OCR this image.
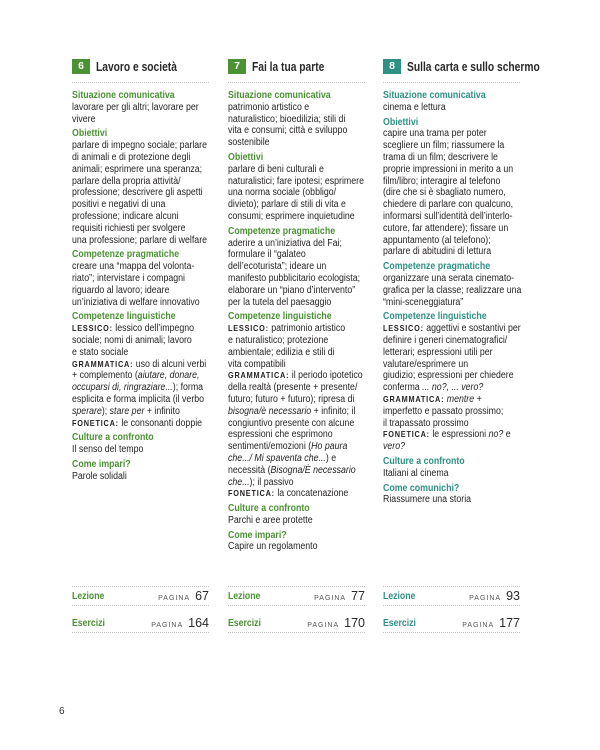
6 Lavoro e società
Situazione comunicativa
lavorare per gli altri; lavorare per
vivere
Obiettivi
parlare di impegno sociale; parlare
di animali e di protezione degli
animali; esprimere una speranza;
parlare della propria attività/
professione; descrivere gli aspetti
positivi e negativi di una
professione; indicare alcuni
requisiti richiesti per svolgere
una professione; parlare di welfare
Competenze pragmatiche
creare una “mappa del volonta-
riato”; intervistare i compagni
riguardo al lavoro; ideare
un’iniziativa di welfare innovativo
Competenze linguistiche
LESSICO: lessico dell’impegno
sociale; nomi di animali; lavoro
e stato sociale
GRAMMATICA: uso di alcuni verbi
+ complemento (aiutare, donare,
occuparsi di, ringraziare...); forma
esplicita e forma implicita (il verbo
sperare); stare per + infinito
FONETICA: le consonanti doppie
Culture a confronto
Il senso del tempo
Come impari?
Parole solidali
Lezione	PAGINA 67
Esercizi	PAGINA 164
7 Fai la tua parte
Situazione comunicativa
patrimonio artistico e
naturalistico; bioedilizia; stili di
vita e consumi; città e sviluppo
sostenibile
Obiettivi
parlare di beni culturali e
naturalistici; fare ipotesi; esprimere
una norma sociale (obbligo/
divieto); parlare di stili di vita e
consumi; esprimere inquietudine
Competenze pragmatiche
aderire a un’iniziativa del Fai;
formulare il “galateo
dell’ecoturista”; ideare un
manifesto pubblicitario ecologista;
elaborare un “piano d’intervento”
per la tutela del paesaggio
Competenze linguistiche
LESSICO: patrimonio artistico
e naturalistico; protezione
ambientale; edilizia e stili di
vita compatibili
GRAMMATICA: il periodo ipotetico
della realtà (presente + presente/
futuro; futuro + futuro); ripresa di
bisogna/è necessario + infinito; il
congiuntivo presente con alcune
espressioni che esprimono
sentimenti/emozioni (Ho paura
che.../ Mi spaventa che...) e
necessità (Bisogna/È necessario
che...); il passivo
FONETICA: la concatenazione
Culture a confronto
Parchi e aree protette
Come impari?
Capire un regolamento
Lezione	PAGINA 77
Esercizi	PAGINA 170
8 Sulla carta e sullo schermo
Situazione comunicativa
cinema e lettura
Obiettivi
capire una trama per poter
scegliere un film; riassumere la
trama di un film; descrivere le
proprie impressioni in merito a un
film/libro; interagire al telefono
(dire che si è sbagliato numero,
chiedere di parlare con qualcuno,
informarsi sull’identità dell’interlo-
cutore, far attendere); fissare un
appuntamento (al telefono);
parlare di abitudini di lettura
Competenze pragmatiche
organizzare una serata cinemato-
grafica per la classe; realizzare una
“mini-sceneggiatura”
Competenze linguistiche
LESSICO: aggettivi e sostantivi per
definire i generi cinematografici/
letterari; espressioni utili per
valutare/esprimere un
giudizio; espressioni per chiedere
conferma ... no?, ... vero?
GRAMMATICA: mentre +
imperfetto e passato prossimo;
il trapassato prossimo
FONETICA: le espressioni no? e
vero?
Culture a confronto
Italiani al cinema
Come comunichi?
Riassumere una storia
Lezione	PAGINA 93
Esercizi	PAGINA 177
6
